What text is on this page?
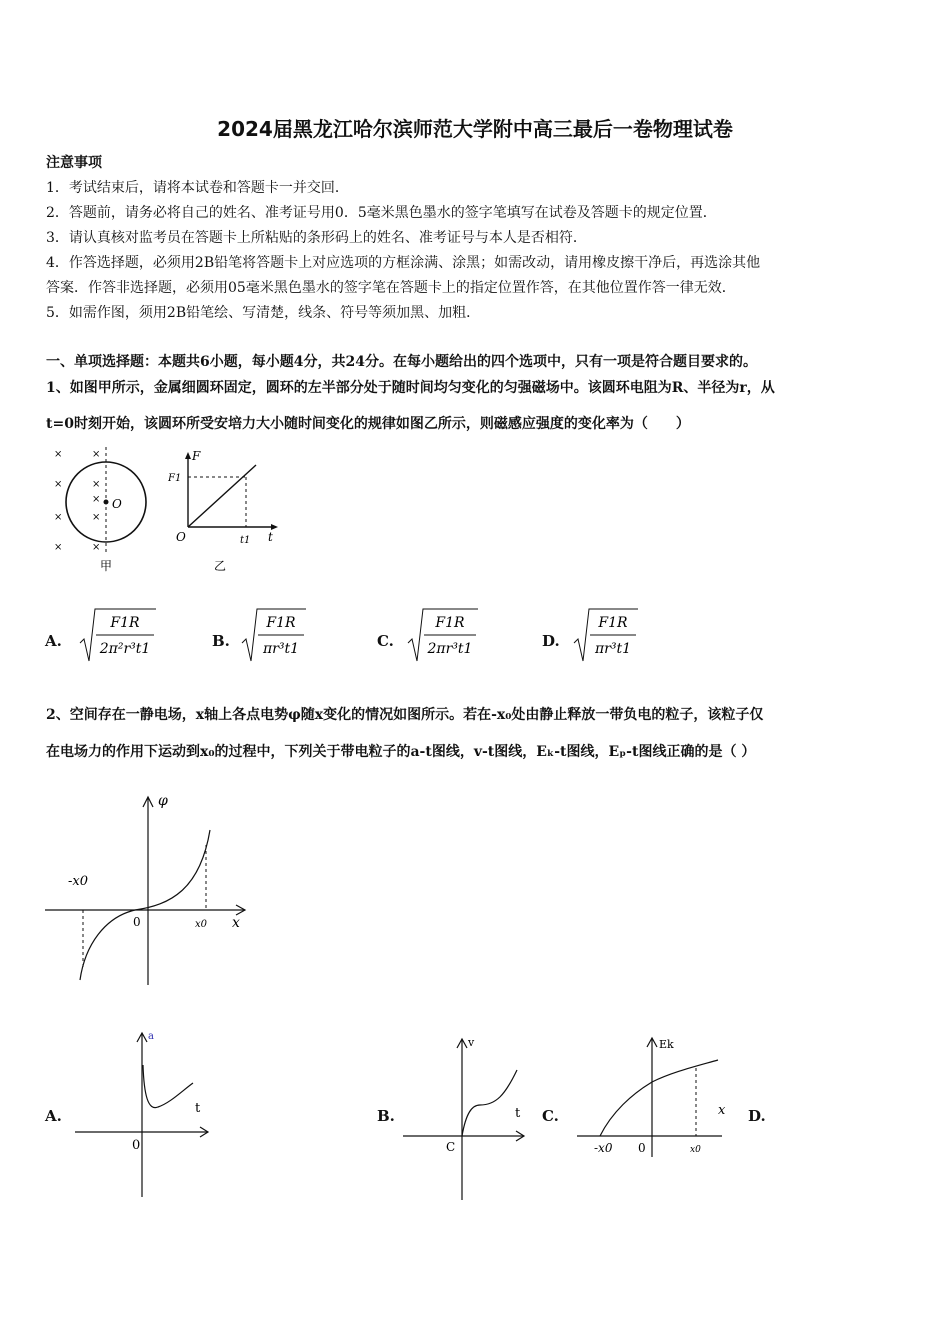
2024届黑龙江哈尔滨师范大学附中高三最后一卷物理试卷
注意事项
1．考试结束后，请将本试卷和答题卡一并交回．
2．答题前，请务必将自己的姓名、准考证号用0．5毫米黑色墨水的签字笔填写在试卷及答题卡的规定位置．
3．请认真核对监考员在答题卡上所粘贴的条形码上的姓名、准考证号与本人是否相符．
4．作答选择题，必须用2B铅笔将答题卡上对应选项的方框涂满、涂黑；如需改动，请用橡皮擦干净后，再选涂其他
答案．作答非选择题，必须用05毫米黑色墨水的签字笔在答题卡上的指定位置作答，在其他位置作答一律无效．
5．如需作图，须用2B铅笔绘、写清楚，线条、符号等须加黑、加粗．
一、单项选择题：本题共6小题，每小题4分，共24分。在每小题给出的四个选项中，只有一项是符合题目要求的。
1、如图甲所示，金属细圆环固定，圆环的左半部分处于随时间均匀变化的匀强磁场中。该圆环电阻为R、半径为r，从
t=0时刻开始，该圆环所受安培力大小随时间变化的规律如图乙所示，则磁感应强度的变化率为（　　）
×	×
×	×
×	×
×	×
× O
甲
F
t
O
F1
t1
乙
A.
F1R
2π²r³t1	B.
F1R
πr³t1	C.
F1R
2πr³t1	D.
F1R
πr³t1
2、空间存在一静电场，x轴上各点电势φ随x变化的情况如图所示。若在-x₀处由静止释放一带负电的粒子，该粒子仅
在电场力的作用下运动到x₀的过程中，下列关于带电粒子的a-t图线，v-t图线，Eₖ-t图线，Eₚ-t图线正确的是（ ）
φ
x
0
-x0
x0
A.
a
t
0
B.
v
t
C
C.
Ek
x
0
-x0	x0
D.
